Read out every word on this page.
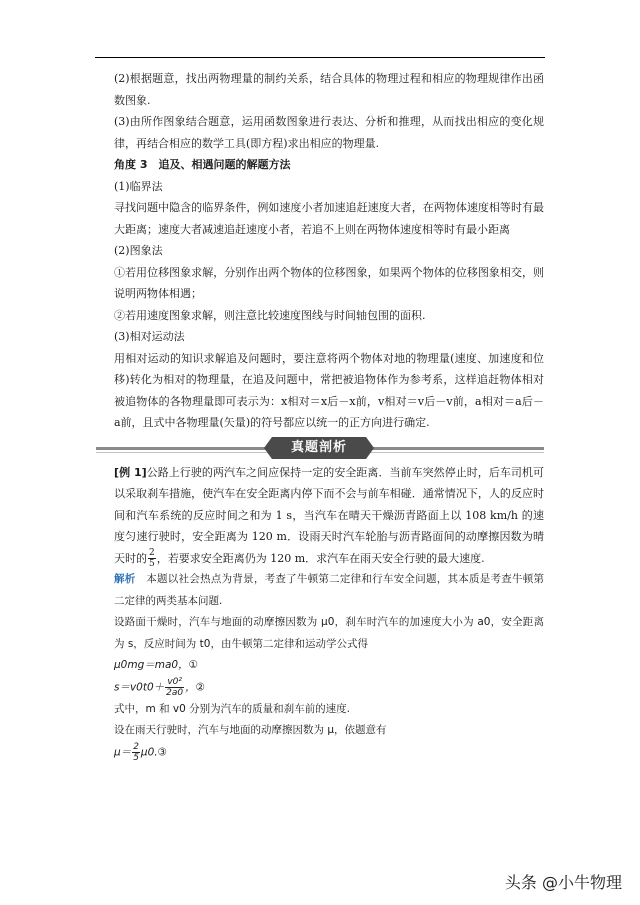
(2)根据题意，找出两物理量的制约关系，结合具体的物理过程和相应的物理规律作出函数图象.

(3)由所作图象结合题意，运用函数图象进行表达、分析和推理，从而找出相应的变化规律，再结合相应的数学工具(即方程)求出相应的物理量.

角度 3　追及、相遇问题的解题方法

(1)临界法

寻找问题中隐含的临界条件，例如速度小者加速追赶速度大者，在两物体速度相等时有最大距离；速度大者减速追赶速度小者，若追不上则在两物体速度相等时有最小距离

(2)图象法

①若用位移图象求解，分别作出两个物体的位移图象，如果两个物体的位移图象相交，则说明两物体相遇；

②若用速度图象求解，则注意比较速度图线与时间轴包围的面积.

(3)相对运动法

用相对运动的知识求解追及问题时，要注意将两个物体对地的物理量(速度、加速度和位移)转化为相对的物理量，在追及问题中，常把被追物体作为参考系，这样追赶物体相对被追物体的各物理量即可表示为：x相对＝x后－x前，v相对＝v后－v前，a相对＝a后－a前，且式中各物理量(矢量)的符号都应以统一的正方向进行确定.

真题剖析

[例 1]公路上行驶的两汽车之间应保持一定的安全距离．当前车突然停止时，后车司机可以采取刹车措施，使汽车在安全距离内停下而不会与前车相碰．通常情况下，人的反应时间和汽车系统的反应时间之和为 1 s，当汽车在晴天干燥沥青路面上以 108 km/h 的速度匀速行驶时，安全距离为 120 m．设雨天时汽车轮胎与沥青路面间的动摩擦因数为晴天时的 $\frac{2}{5}$ ，若要求安全距离仍为 120 m．求汽车在雨天安全行驶的最大速度.

解析　 本题以社会热点为背景，考查了牛顿第二定律和行车安全问题，其本质是考查牛顿第二定律的两类基本问题.

设路面干燥时，汽车与地面的动摩擦因数为 μ0，刹车时汽车的加速度大小为 a0，安全距离为 s，反应时间为 t0，由牛顿第二定律和运动学公式得

μ0mg＝ma0，①

$s=v0t0+ \frac{\text{v0²}}{2a0}$ ，②

式中，m 和 v0 分别为汽车的质量和刹车前的速度.

设在雨天行驶时，汽车与地面的动摩擦因数为 μ，依题意有

$\mu= \frac{2}{5}$ μ0.③

头条 @小牛物理
